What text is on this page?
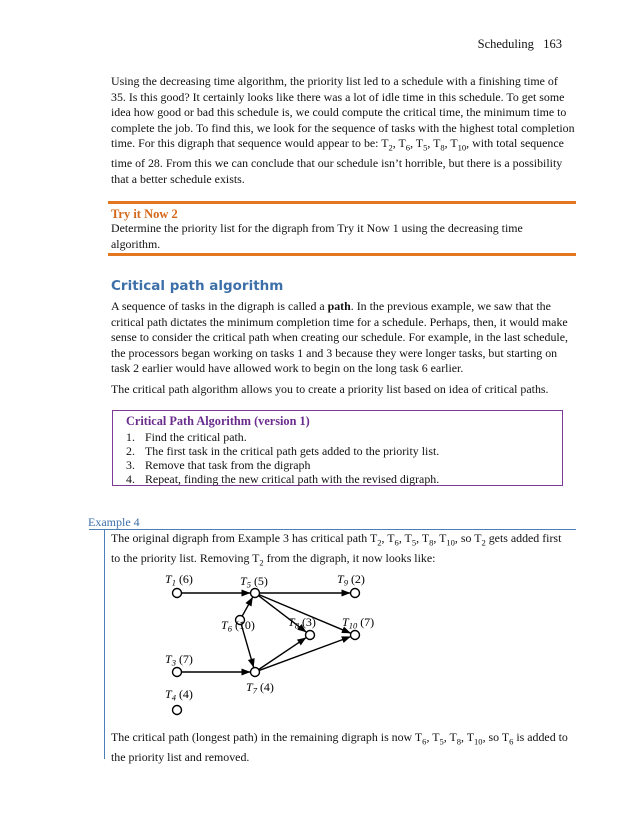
Scheduling 163
Using the decreasing time algorithm, the priority list led to a schedule with a finishing time of 35. Is this good? It certainly looks like there was a lot of idle time in this schedule. To get some idea how good or bad this schedule is, we could compute the critical time, the minimum time to complete the job. To find this, we look for the sequence of tasks with the highest total completion time. For this digraph that sequence would appear to be: $T_2$, $T_6$, $T_5$, $T_8$, $T_{10}$, with total sequence time of 28. From this we can conclude that our schedule isn’t horrible, but there is a possibility that a better schedule exists.
Try it Now 2
Determine the priority list for the digraph from Try it Now 1 using the decreasing time algorithm.
Critical path algorithm
A sequence of tasks in the digraph is called a path. In the previous example, we saw that the critical path dictates the minimum completion time for a schedule. Perhaps, then, it would make sense to consider the critical path when creating our schedule. For example, in the last schedule, the processors began working on tasks 1 and 3 because they were longer tasks, but starting on task 2 earlier would have allowed work to begin on the long task 6 earlier.
The critical path algorithm allows you to create a priority list based on idea of critical paths.
Critical Path Algorithm (version 1)
1. Find the critical path.
2. The first task in the critical path gets added to the priority list.
3. Remove that task from the digraph
4. Repeat, finding the new critical path with the revised digraph.
Example 4
The original digraph from Example 3 has critical path $T_2$, $T_6$, $T_5$, $T_8$, $T_{10}$, so $T_2$ gets added first to the priority list. Removing $T_2$ from the digraph, it now looks like:
$T_1$ (6)	$T_5$ (5)	$T_9$ (2)
$T_6$ (10)	$T_8$ (3) $T_{10}$ (7)
$T_3$ (7)
$T_7$ (4)
$T_4$ (4)
The critical path (longest path) in the remaining digraph is now $T_6$, $T_5$, $T_8$, $T_{10}$, so $T_6$ is added to the priority list and removed.
